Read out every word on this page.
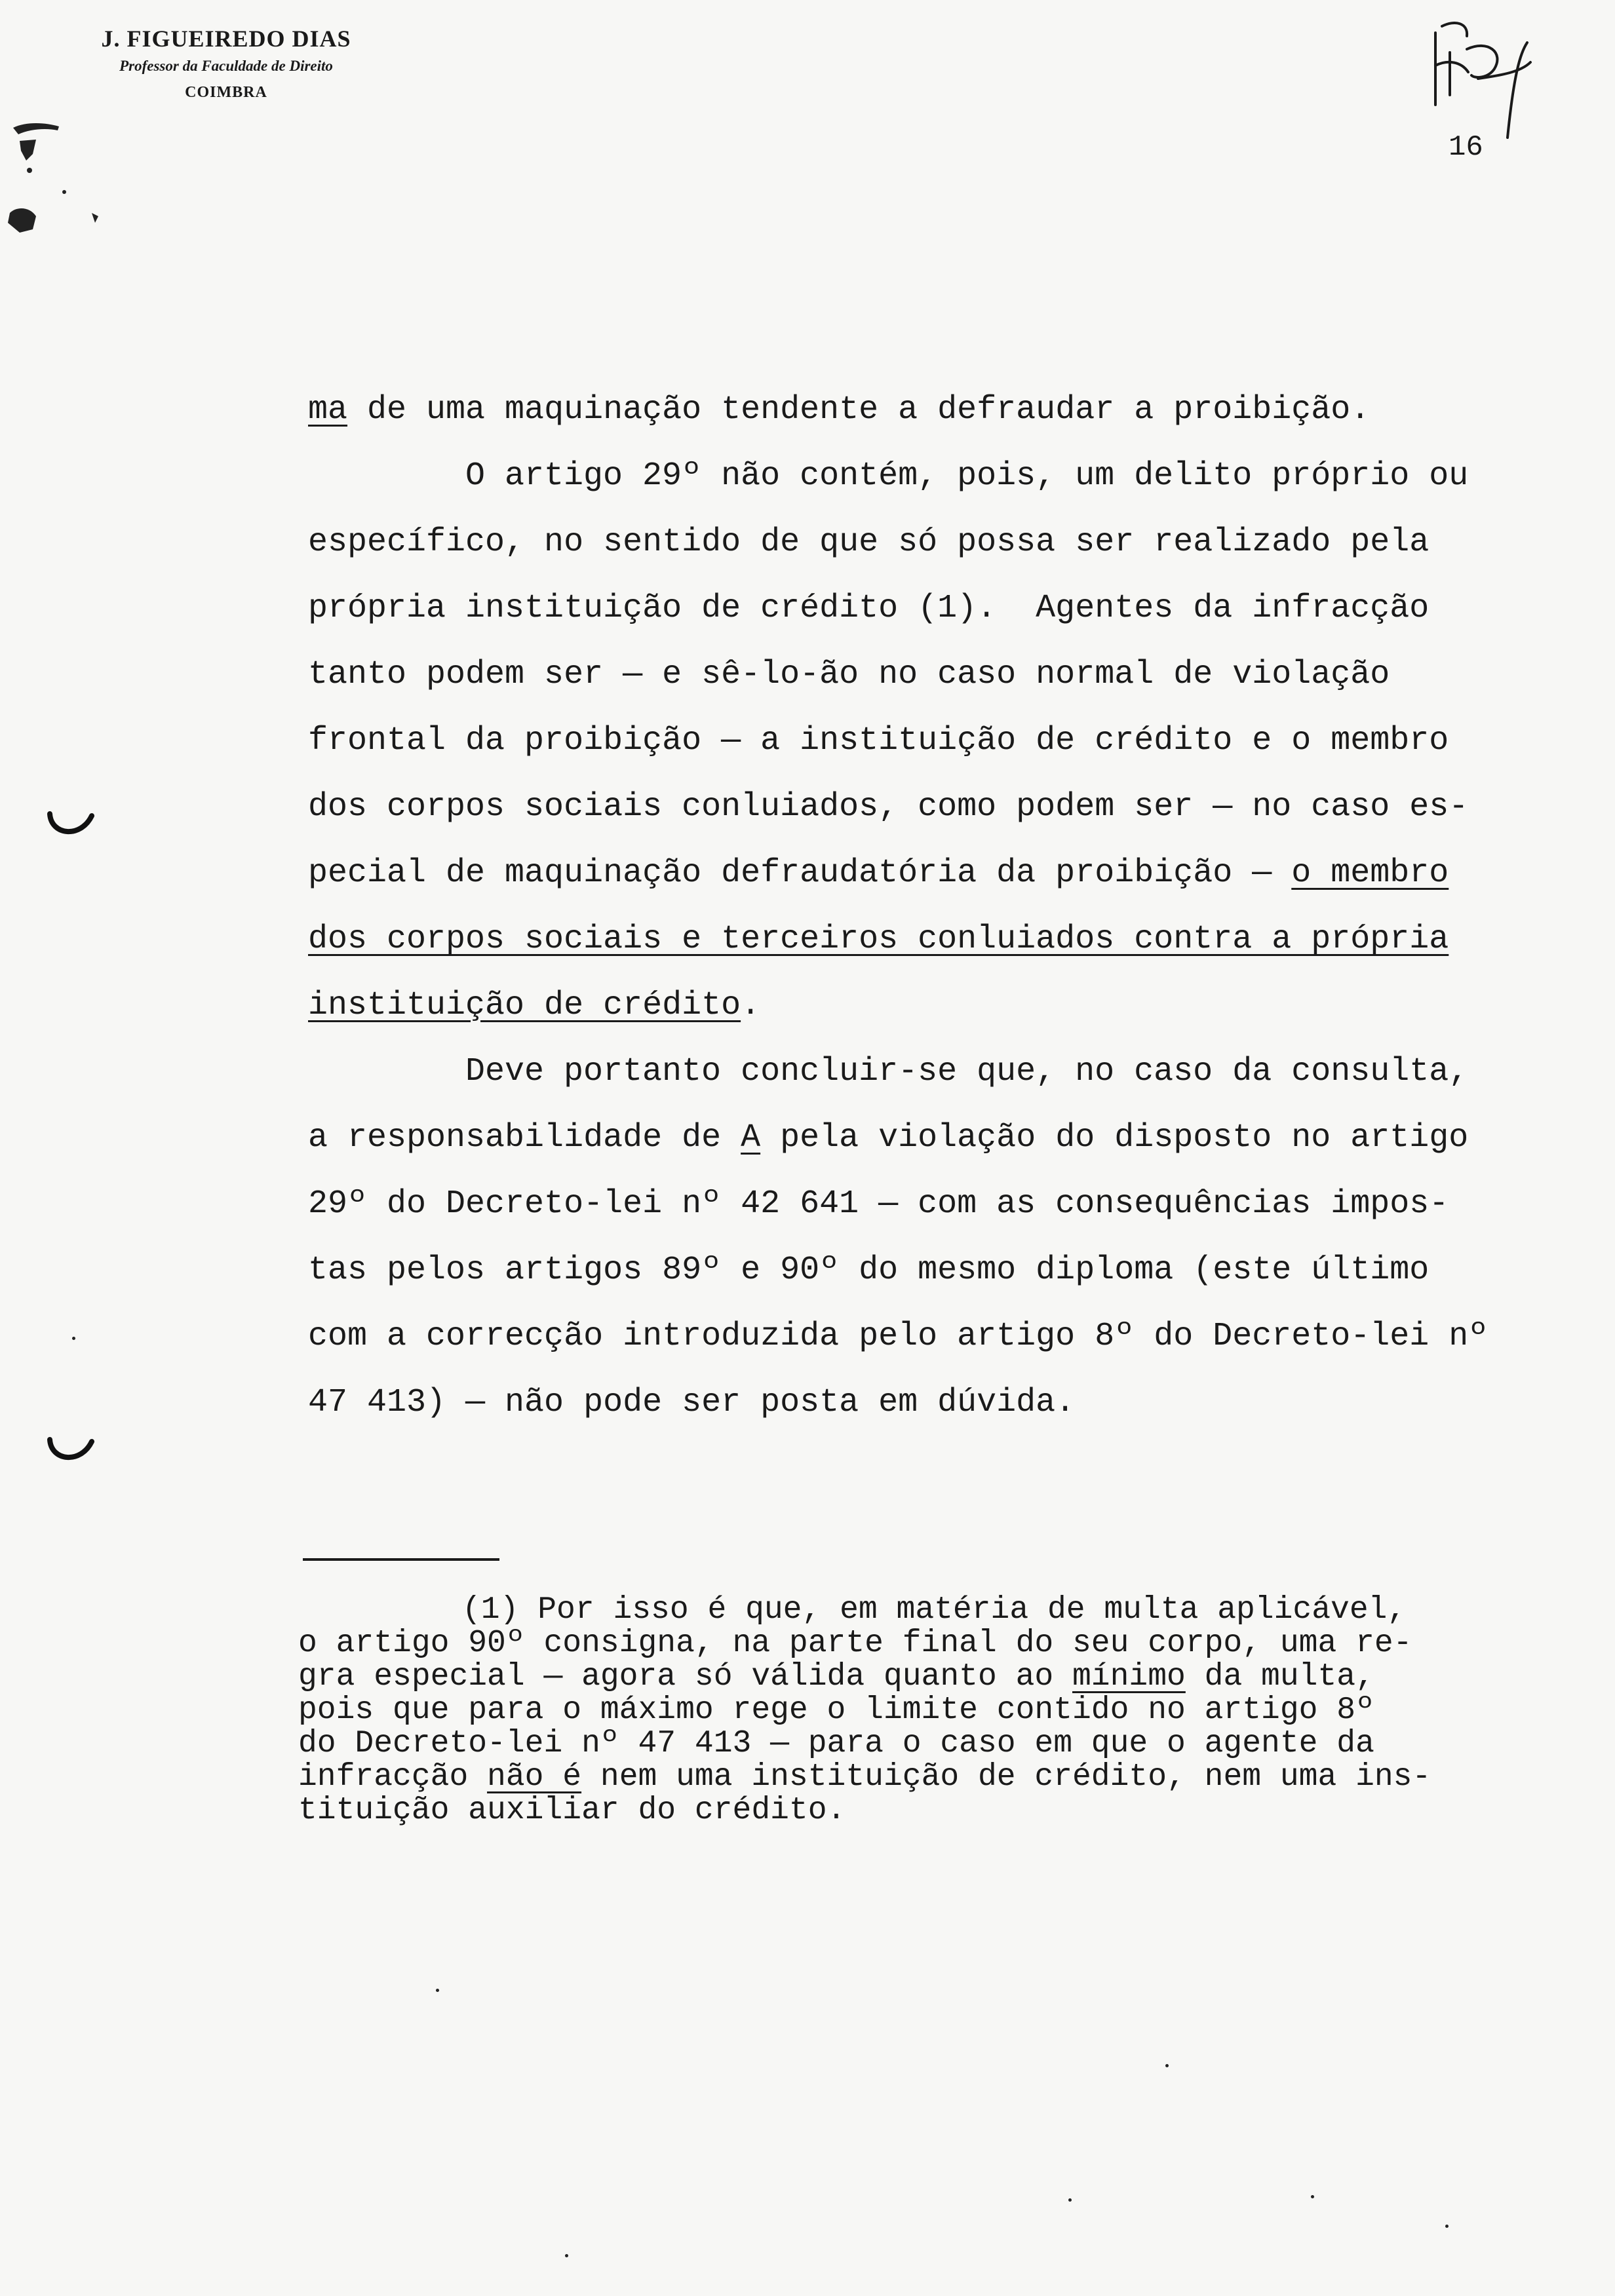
J. FIGUEIREDO DIAS
Professor da Faculdade de Direito
COIMBRA
16
ma de uma maquinação tendente a defraudar a proibição.
O artigo 29º não contém, pois, um delito próprio ou
específico, no sentido de que só possa ser realizado pela
própria instituição de crédito (1).  Agentes da infracção
tanto podem ser — e sê-lo-ão no caso normal de violação
frontal da proibição — a instituição de crédito e o membro
dos corpos sociais conluiados, como podem ser — no caso es-
pecial de maquinação defraudatória da proibição — o membro
dos corpos sociais e terceiros conluiados contra a própria
instituição de crédito.
Deve portanto concluir-se que, no caso da consulta,
a responsabilidade de A pela violação do disposto no artigo
29º do Decreto-lei nº 42 641 — com as consequências impos-
tas pelos artigos 89º e 90º do mesmo diploma (este último
com a correcção introduzida pelo artigo 8º do Decreto-lei nº
47 413) — não pode ser posta em dúvida.
(1) Por isso é que, em matéria de multa aplicável,
o artigo 90º consigna, na parte final do seu corpo, uma re-
gra especial — agora só válida quanto ao mínimo da multa,
pois que para o máximo rege o limite contido no artigo 8º
do Decreto-lei nº 47 413 — para o caso em que o agente da
infracção não é nem uma instituição de crédito, nem uma ins-
tituição auxiliar do crédito.
